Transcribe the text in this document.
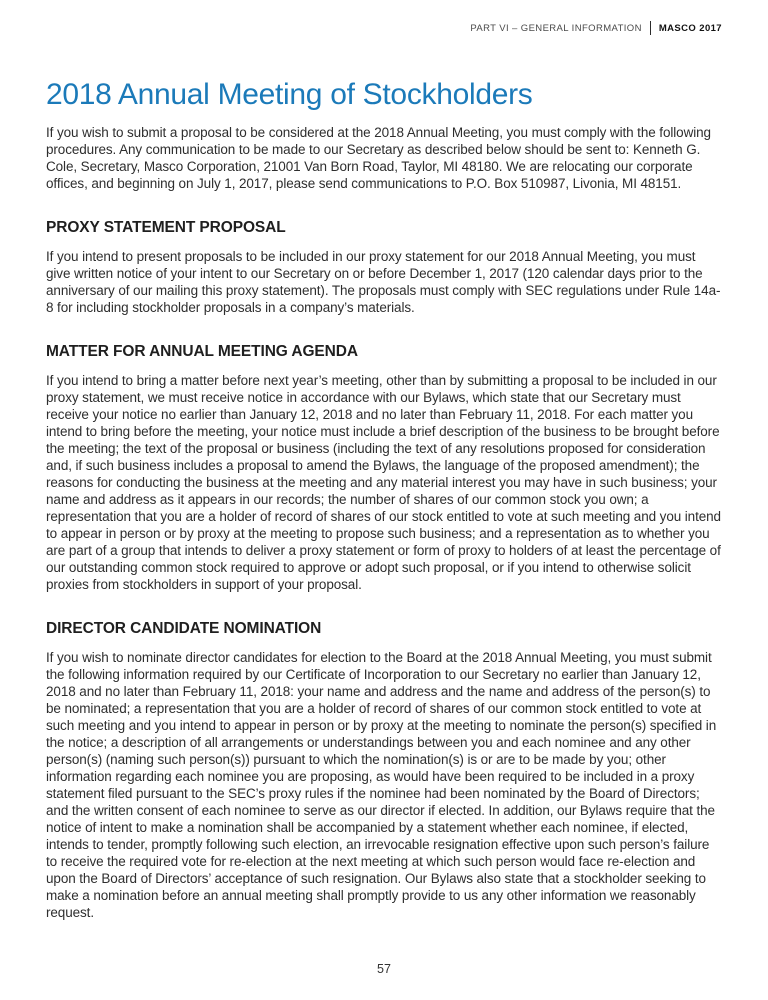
PART VI – GENERAL INFORMATION MASCO 2017
2018 Annual Meeting of Stockholders

If you wish to submit a proposal to be considered at the 2018 Annual Meeting, you must comply with the following procedures. Any communication to be made to our Secretary as described below should be sent to: Kenneth G. Cole, Secretary, Masco Corporation, 21001 Van Born Road, Taylor, MI 48180. We are relocating our corporate offices, and beginning on July 1, 2017, please send communications to P.O. Box 510987, Livonia, MI 48151.

PROXY STATEMENT PROPOSAL

If you intend to present proposals to be included in our proxy statement for our 2018 Annual Meeting, you must give written notice of your intent to our Secretary on or before December 1, 2017 (120 calendar days prior to the anniversary of our mailing this proxy statement). The proposals must comply with SEC regulations under Rule 14a-8 for including stockholder proposals in a company’s materials.

MATTER FOR ANNUAL MEETING AGENDA

If you intend to bring a matter before next year’s meeting, other than by submitting a proposal to be included in our proxy statement, we must receive notice in accordance with our Bylaws, which state that our Secretary must receive your notice no earlier than January 12, 2018 and no later than February 11, 2018. For each matter you intend to bring before the meeting, your notice must include a brief description of the business to be brought before the meeting; the text of the proposal or business (including the text of any resolutions proposed for consideration and, if such business includes a proposal to amend the Bylaws, the language of the proposed amendment); the reasons for conducting the business at the meeting and any material interest you may have in such business; your name and address as it appears in our records; the number of shares of our common stock you own; a representation that you are a holder of record of shares of our stock entitled to vote at such meeting and you intend to appear in person or by proxy at the meeting to propose such business; and a representation as to whether you are part of a group that intends to deliver a proxy statement or form of proxy to holders of at least the percentage of our outstanding common stock required to approve or adopt such proposal, or if you intend to otherwise solicit proxies from stockholders in support of your proposal.

DIRECTOR CANDIDATE NOMINATION

If you wish to nominate director candidates for election to the Board at the 2018 Annual Meeting, you must submit the following information required by our Certificate of Incorporation to our Secretary no earlier than January 12, 2018 and no later than February 11, 2018: your name and address and the name and address of the person(s) to be nominated; a representation that you are a holder of record of shares of our common stock entitled to vote at such meeting and you intend to appear in person or by proxy at the meeting to nominate the person(s) specified in the notice; a description of all arrangements or understandings between you and each nominee and any other person(s) (naming such person(s)) pursuant to which the nomination(s) is or are to be made by you; other information regarding each nominee you are proposing, as would have been required to be included in a proxy statement filed pursuant to the SEC’s proxy rules if the nominee had been nominated by the Board of Directors; and the written consent of each nominee to serve as our director if elected. In addition, our Bylaws require that the notice of intent to make a nomination shall be accompanied by a statement whether each nominee, if elected, intends to tender, promptly following such election, an irrevocable resignation effective upon such person’s failure to receive the required vote for re-election at the next meeting at which such person would face re-election and upon the Board of Directors’ acceptance of such resignation. Our Bylaws also state that a stockholder seeking to make a nomination before an annual meeting shall promptly provide to us any other information we reasonably request.

57
